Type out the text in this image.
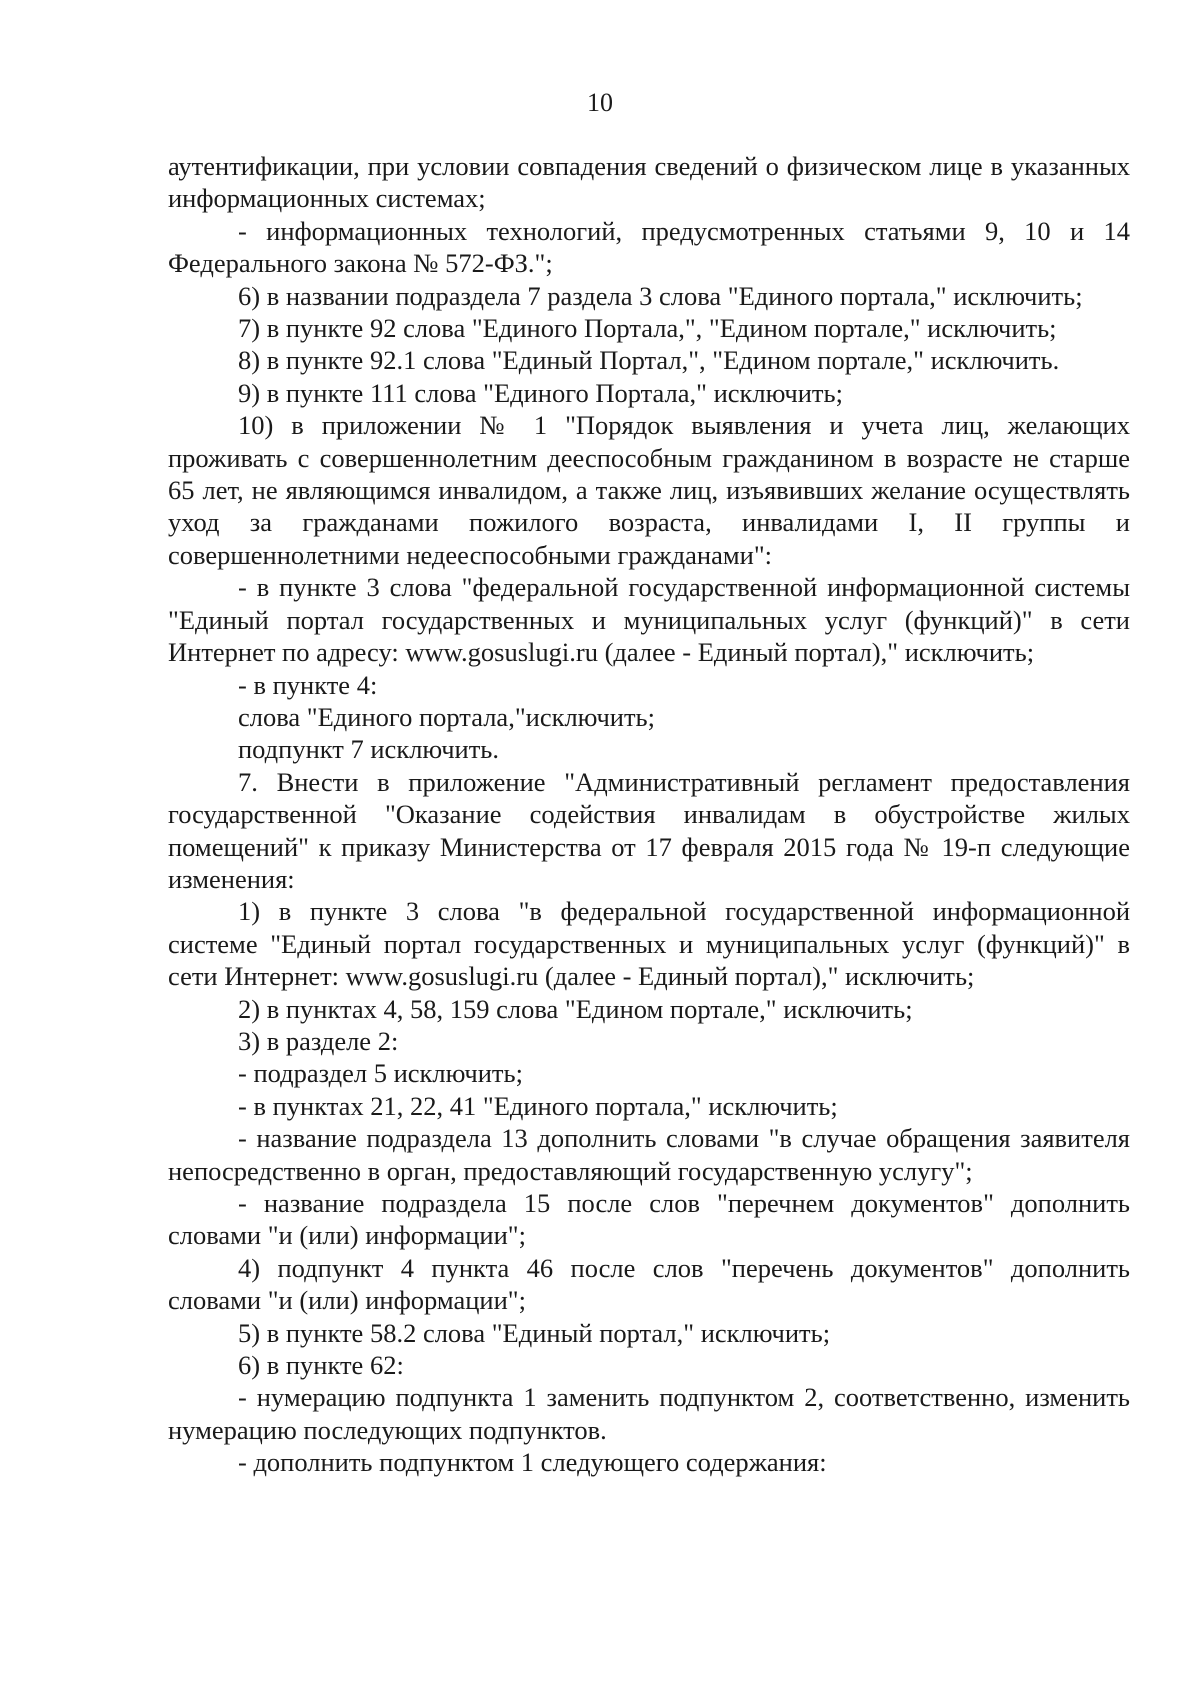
10

аутентификации, при условии совпадения сведений о физическом лице в указанных информационных системах;

- информационных технологий, предусмотренных статьями 9, 10 и 14 Федерального закона № 572-ФЗ.";

6) в названии подраздела 7 раздела 3 слова "Единого портала," исключить;

7) в пункте 92 слова "Единого Портала,", "Едином портале," исключить;

8) в пункте 92.1 слова "Единый Портал,", "Едином портале," исключить.

9) в пункте 111 слова "Единого Портала," исключить;

10) в приложении № 1 "Порядок выявления и учета лиц, желающих проживать с совершеннолетним дееспособным гражданином в возрасте не старше 65 лет, не являющимся инвалидом, а также лиц, изъявивших желание осуществлять уход за гражданами пожилого возраста, инвалидами I, II группы и совершеннолетними недееспособными гражданами":

- в пункте 3 слова "федеральной государственной информационной системы "Единый портал государственных и муниципальных услуг (функций)" в сети Интернет по адресу: www.gosuslugi.ru (далее - Единый портал)," исключить;

- в пункте 4:

слова "Единого портала,"исключить;

подпункт 7 исключить.

7. Внести в приложение "Административный регламент предоставления государственной "Оказание содействия инвалидам в обустройстве жилых помещений" к приказу Министерства от 17 февраля 2015 года № 19-п следующие изменения:

1) в пункте 3 слова "в федеральной государственной информационной системе "Единый портал государственных и муниципальных услуг (функций)" в сети Интернет: www.gosuslugi.ru (далее - Единый портал)," исключить;

2) в пунктах 4, 58, 159 слова "Едином портале," исключить;

3) в разделе 2:

- подраздел 5 исключить;

- в пунктах 21, 22, 41 "Единого портала," исключить;

- название подраздела 13 дополнить словами "в случае обращения заявителя непосредственно в орган, предоставляющий государственную услугу";

- название подраздела 15 после слов "перечнем документов" дополнить словами "и (или) информации";

4) подпункт 4 пункта 46 после слов "перечень документов" дополнить словами "и (или) информации";

5) в пункте 58.2 слова "Единый портал," исключить;

6) в пункте 62:

- нумерацию подпункта 1 заменить подпунктом 2, соответственно, изменить нумерацию последующих подпунктов.

- дополнить подпунктом 1 следующего содержания:
